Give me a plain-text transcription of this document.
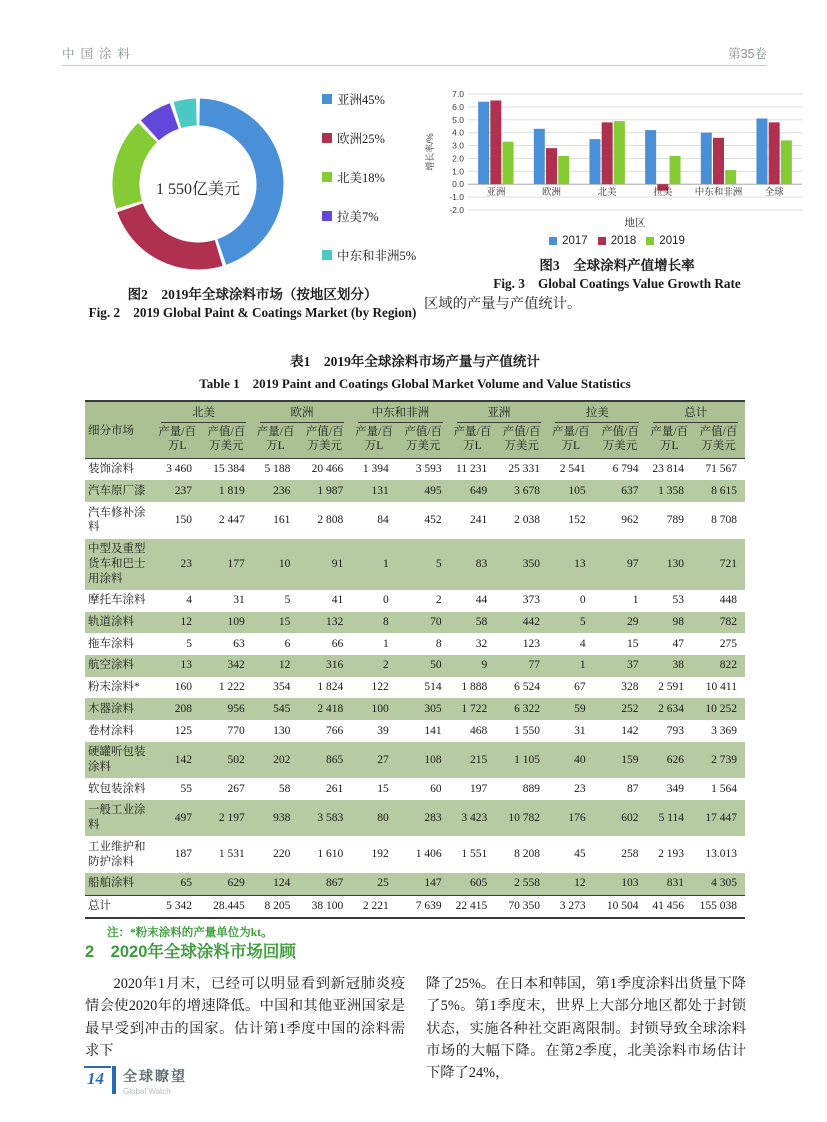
中国涂料	第35卷
1 550亿美元
亚洲45%
欧洲25%
北美18%
拉美7%
中东和非洲5%
图2　2019年全球涂料市场（按地区划分）
Fig. 2　2019 Global Paint & Coatings Market (by Region)
7.0
6.0
5.0
4.0
3.0
2.0
1.0
0.0
-1.0
-2.0
增长率/%
亚洲	欧洲	北美	拉美 中东和非洲 全球
地区
2017 2018 2019
图3　全球涂料产值增长率
Fig. 3　Global Coatings Value Growth Rate

区域的产量与产值统计。

表1　2019年全球涂料市场产量与产值统计
Table 1　2019 Paint and Coatings Global Market Volume and Value Statistics
细分市场	北美		欧洲		中东和非洲		亚洲		拉美		总计	

	产量/百万L	产值/百万美元	产量/百万L	产值/百万美元	产量/百万L	产值/百万美元	产量/百万L	产值/百万美元	产量/百万L	产值/百万美元	产量/百万L	产值/百万美元
装饰涂料	3 460	15 384	5 188	20 466	1 394	3 593	11 231	25 331	2 541	6 794	23 814	71 567
汽车原厂漆	237	1 819	236	1 987	131	495	649	3 678	105	637	1 358	8 615
汽车修补涂料	150	2 447	161	2 808	84	452	241	2 038	152	962	789	8 708
中型及重型货车和巴士用涂料	23	177	10	91	1	5	83	350	13	97	130	721
摩托车涂料	4	31	5	41	0	2	44	373	0	1	53	448
轨道涂料	12	109	15	132	8	70	58	442	5	29	98	782
拖车涂料	5	63	6	66	1	8	32	123	4	15	47	275
航空涂料	13	342	12	316	2	50	9	77	1	37	38	822
粉末涂料*	160	1 222	354	1 824	122	514	1 888	6 524	67	328	2 591	10 411
木器涂料	208	956	545	2 418	100	305	1 722	6 322	59	252	2 634	10 252
卷材涂料	125	770	130	766	39	141	468	1 550	31	142	793	3 369
硬罐听包装涂料	142	502	202	865	27	108	215	1 105	40	159	626	2 739
软包装涂料	55	267	58	261	15	60	197	889	23	87	349	1 564
一般工业涂料	497	2 197	938	3 583	80	283	3 423	10 782	176	602	5 114	17 447
工业维护和防护涂料	187	1 531	220	1 610	192	1 406	1 551	8 208	45	258	2 193	13.013
船舶涂料	65	629	124	867	25	147	605	2 558	12	103	831	4 305
总计	5 342	28.445	8 205	38 100	2 221	7 639	22 415	70 350	3 273	10 504	41 456	155 038
注：*粉末涂料的产量单位为kt。
2　2020年全球涂料市场回顾

2020年1月末，已经可以明显看到新冠肺炎疫情会使2020年的增速降低。中国和其他亚洲国家是最早受到冲击的国家。估计第1季度中国的涂料需求下

降了25%。在日本和韩国，第1季度涂料出货量下降了5%。第1季度末，世界上大部分地区都处于封锁状态，实施各种社交距离限制。封锁导致全球涂料市场的大幅下降。在第2季度，北美涂料市场估计下降了24%，

14	全球瞭望
Global Watch
